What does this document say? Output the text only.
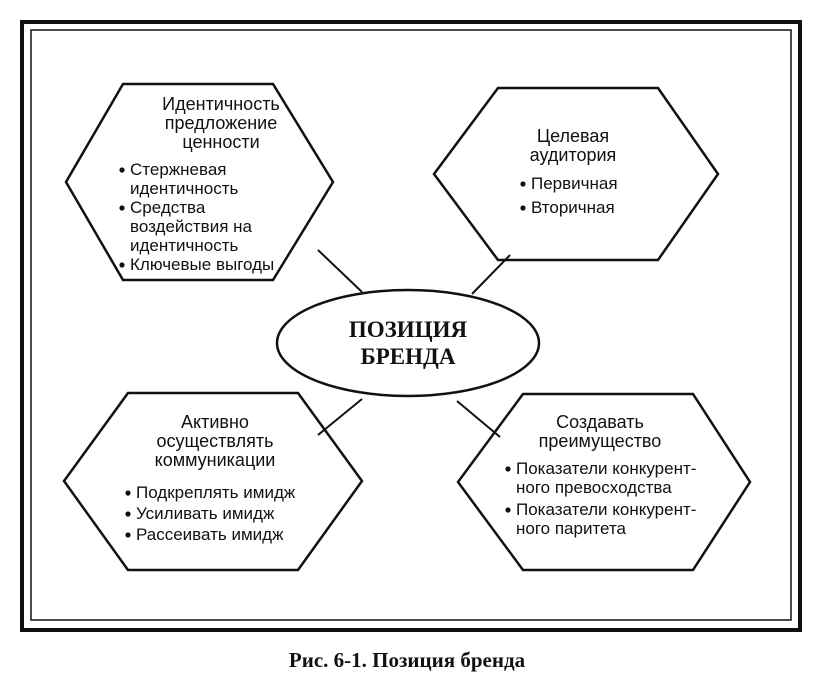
Идентичность
предложение
ценности
Стержневая
идентичность
Средства
воздействия на
идентичность
Ключевые выгоды
Целевая
аудитория
Первичная
Вторичная
Активно
осуществлять
коммуникации
Подкреплять имидж
Усиливать имидж
Рассеивать имидж
Создавать
преимущество
Показатели конкурент-
ного превосходства
Показатели конкурент-
ного паритета
ПОЗИЦИЯ
БРЕНДА
Рис. 6-1. Позиция бренда
